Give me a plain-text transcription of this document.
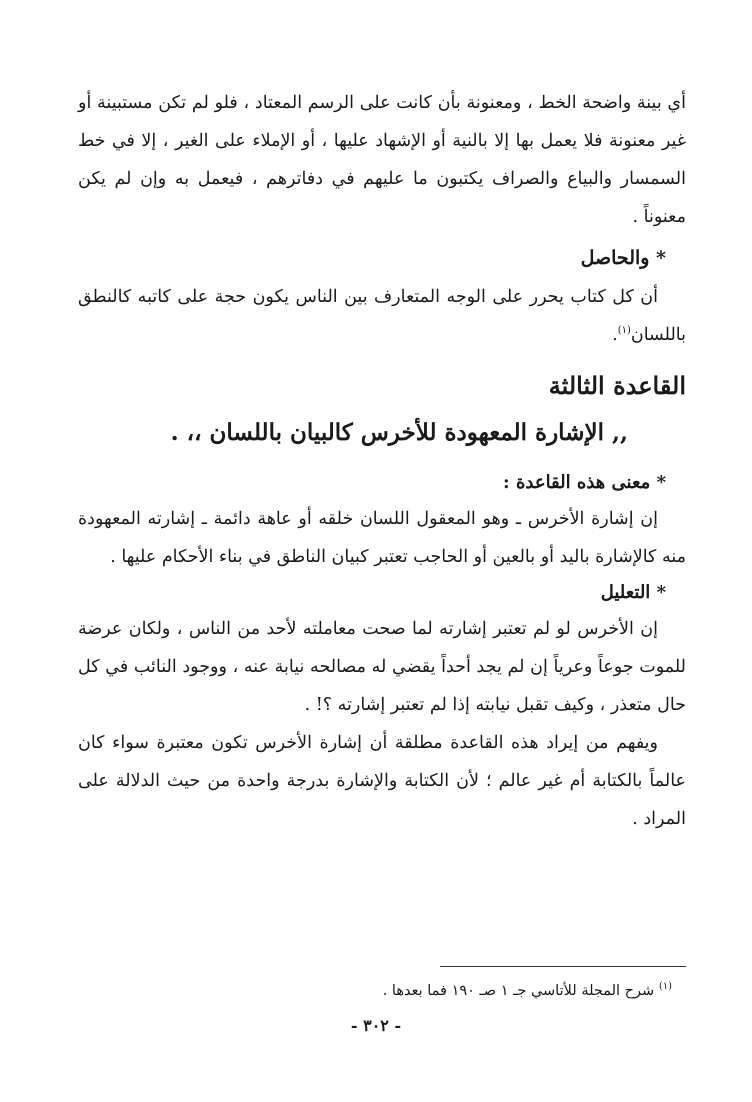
أي بينة واضحة الخط ، ومعنونة بأن كانت على الرسم المعتاد ، فلو لم تكن مستبينة أو غير معنونة فلا يعمل بها إلا بالنية أو الإشهاد عليها ، أو الإملاء على الغير ، إلا في خط السمسار والبياع والصراف يكتبون ما عليهم في دفاترهم ، فيعمل به وإن لم يكن معنوناً .

* والحاصل

أن كل كتاب يحرر على الوجه المتعارف بين الناس يكون حجة على كاتبه كالنطق باللسان$^{(١)}$.

القاعدة الثالثة
,, الإشارة المعهودة للأخرس كالبيان باللسان ،، .
* معنى هذه القاعدة :

إن إشارة الأخرس ـ وهو المعقول اللسان خلقه أو عاهة دائمة ـ إشارته المعهودة منه كالإشارة باليد أو بالعين أو الحاجب تعتبر كبيان الناطق في بناء الأحكام عليها .

* التعليل

إن الأخرس لو لم تعتبر إشارته لما صحت معاملته لأحد من الناس ، ولكان عرضة للموت جوعاً وعرياً إن لم يجد أحداً يقضي له مصالحه نيابة عنه ، ووجود النائب في كل حال متعذر ، وكيف تقبل نيابته إذا لم تعتبر إشارته ؟! .

ويفهم من إيراد هذه القاعدة مطلقة أن إشارة الأخرس تكون معتبرة سواء كان عالماً بالكتابة أم غير عالم ؛ لأن الكتابة والإشارة بدرجة واحدة من حيث الدلالة على المراد .

$^{(١)}$ شرح المجلة للأتاسي جـ ١ صـ ١٩٠ فما بعدها .
- ٣٠٢ -
